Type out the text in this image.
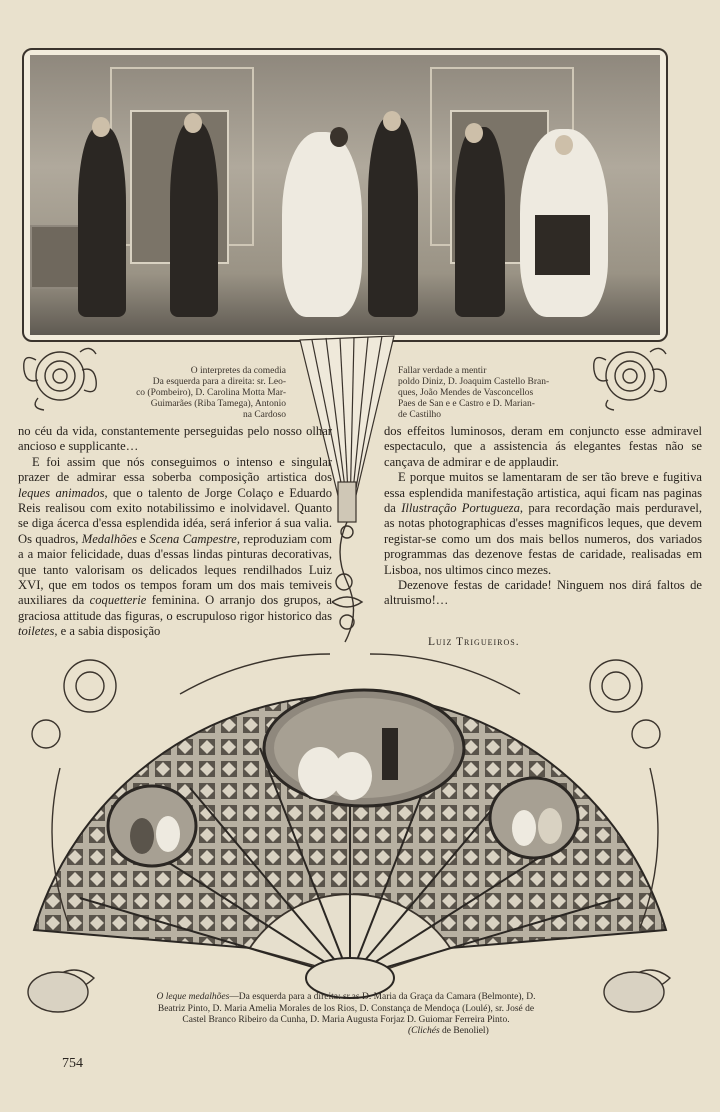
O interpretes da comedia
Da esquerda para a direita: sr. Leo-
co (Pombeiro), D. Carolina Motta Mar-
Guimarães (Riba Tamega), Antonio
na Cardoso
Fallar verdade a mentir
poldo Diniz, D. Joaquim Castello Bran-
ques, João Mendes de Vasconcellos
Paes de San e e Castro e D. Marian-
de Castilho

no céu da vida, constantemente perseguidas pelo nosso olhar ancioso e supplicante…

E foi assim que nós conseguimos o intenso e singular prazer de admirar essa soberba composição artistica dos leques animados, que o talento de Jorge Colaço e Eduardo Reis realisou com exito notabilissimo e inolvidavel. Quanto se diga ácerca d'essa esplendida idéa, será inferior á sua valia. Os quadros, Medalhões e Scena Campestre, reproduziam com a a maior felicidade, duas d'essas lindas pinturas decorativas, que tanto valorisam os delicados leques rendilhados Luiz XVI, que em todos os tempos foram um dos mais temiveis auxiliares da coquetterie feminina. O arranjo dos grupos, a graciosa attitude das figuras, o escrupuloso rigor historico das toiletes, e a sabia disposição

dos effeitos luminosos, deram em conjuncto esse admiravel espectaculo, que a assistencia ás elegantes festas não se cançava de admirar e de applaudir.

E porque muitos se lamentaram de ser tão breve e fugitiva essa esplendida manifestação artistica, aqui ficam nas paginas da Illustração Portugueza, para recordação mais perduravel, as notas photographicas d'esses magnificos leques, que devem registar-se como um dos mais bellos numeros, dos variados programmas das dezenove festas de caridade, realisadas em Lisboa, nos ultimos cinco mezes.

Dezenove festas de caridade! Ninguem nos dirá faltos de altruismo!…

Luiz Trigueiros.
O leque medalhões—Da esquerda para a direita: sr.as D. Maria da Graça da Camara (Belmonte), D. Beatriz Pinto, D. Maria Amelia Morales de los Rios, D. Constança de Mendoça (Loulé), sr. José de Castel Branco Ribeiro da Cunha, D. Maria Augusta Forjaz D. Guiomar Ferreira Pinto.
(Clichés de Benoliel)
754
